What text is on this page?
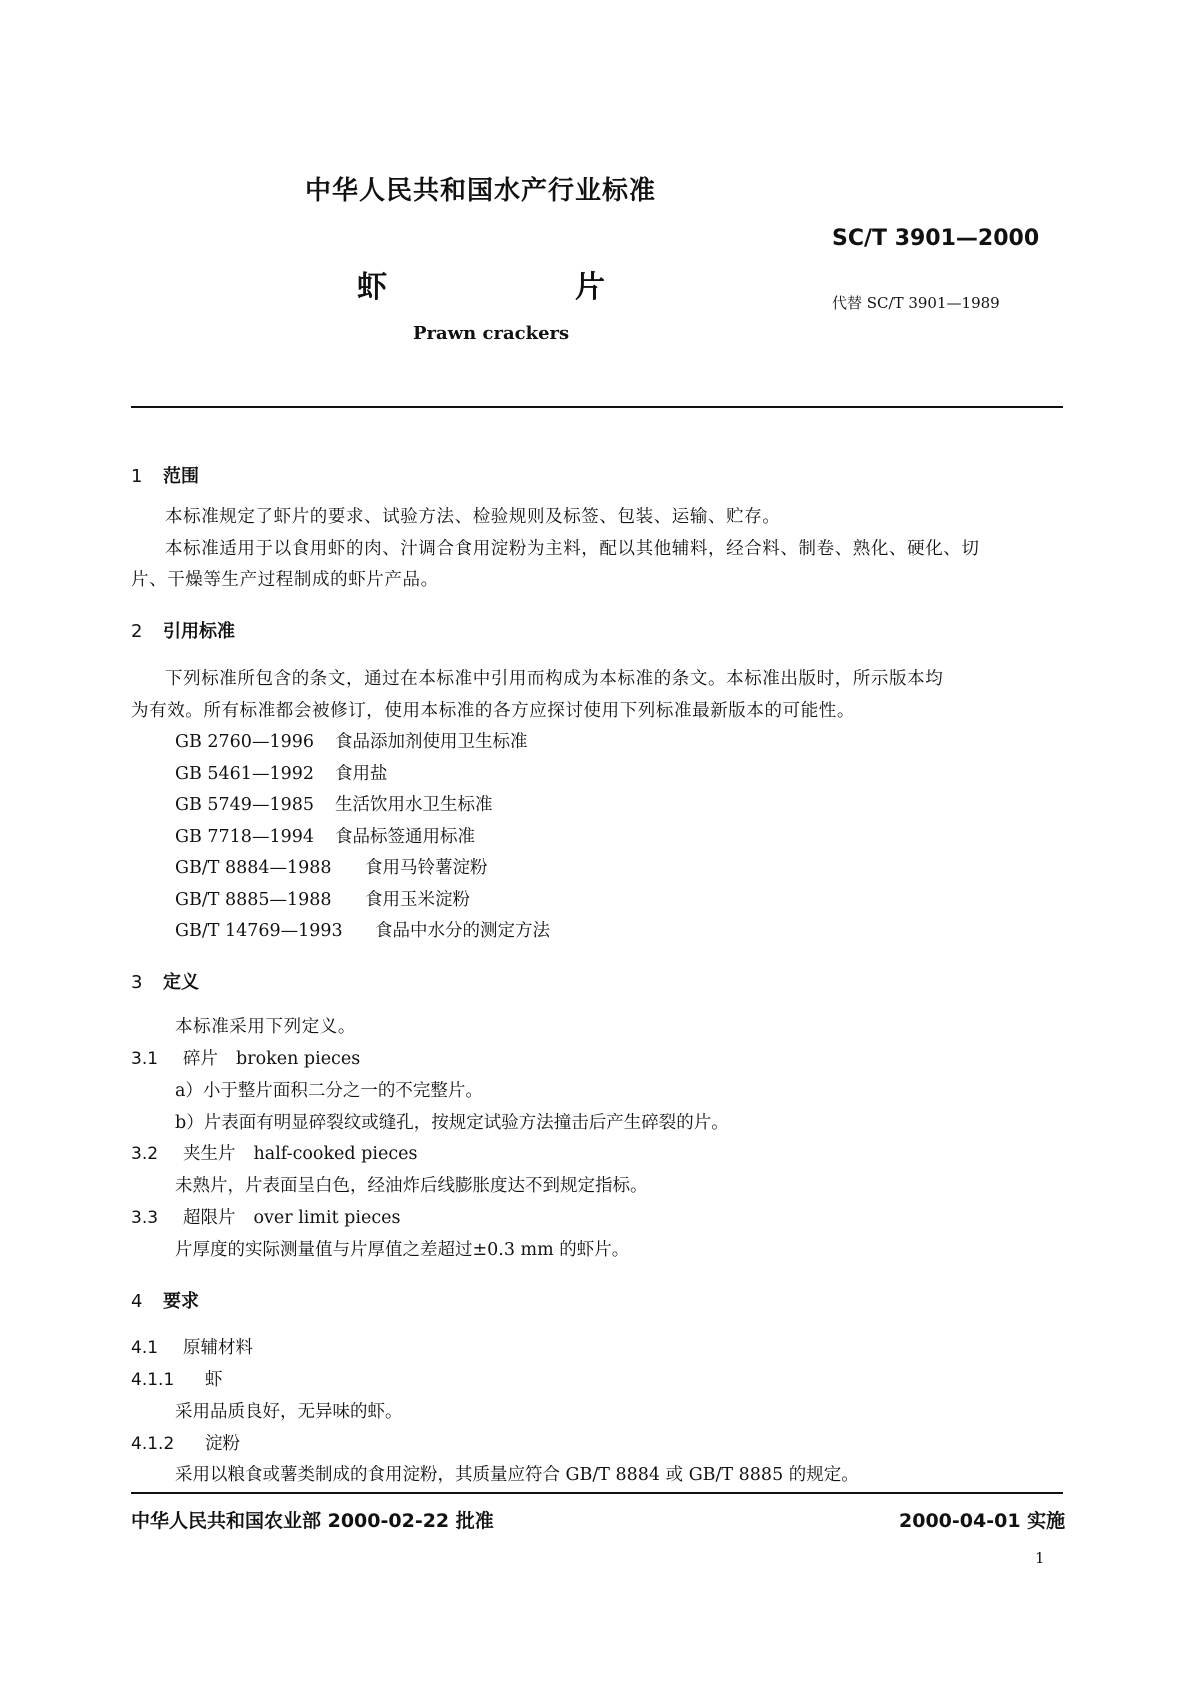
中华人民共和国水产行业标准
SC/T 3901—2000
虾	片	代替 SC/T 3901—1989
Prawn crackers
1 范围
本标准规定了虾片的要求、试验方法、检验规则及标签、包装、运输、贮存。
本标准适用于以食用虾的肉、汁调合食用淀粉为主料，配以其他辅料，经合料、制卷、熟化、硬化、切
片、干燥等生产过程制成的虾片产品。
2 引用标准
下列标准所包含的条文，通过在本标准中引用而构成为本标准的条文。本标准出版时，所示版本均
为有效。所有标准都会被修订，使用本标准的各方应探讨使用下列标准最新版本的可能性。
GB 2760—1996 食品添加剂使用卫生标准
GB 5461—1992 食用盐
GB 5749—1985 生活饮用水卫生标准
GB 7718—1994 食品标签通用标准
GB/T 8884—1988 食用马铃薯淀粉
GB/T 8885—1988 食用玉米淀粉
GB/T 14769—1993 食品中水分的测定方法
3 定义
本标准采用下列定义。
3.1 碎片 broken pieces
a）小于整片面积二分之一的不完整片。
b）片表面有明显碎裂纹或缝孔，按规定试验方法撞击后产生碎裂的片。
3.2 夹生片 half-cooked pieces
未熟片，片表面呈白色，经油炸后线膨胀度达不到规定指标。
3.3 超限片 over limit pieces
片厚度的实际测量值与片厚值之差超过±0.3 mm 的虾片。
4 要求
4.1 原辅材料
4.1.1 虾
采用品质良好，无异味的虾。
4.1.2 淀粉
采用以粮食或薯类制成的食用淀粉，其质量应符合 GB/T 8884 或 GB/T 8885 的规定。
中华人民共和国农业部 2000-02-22 批准	2000-04-01 实施
1
